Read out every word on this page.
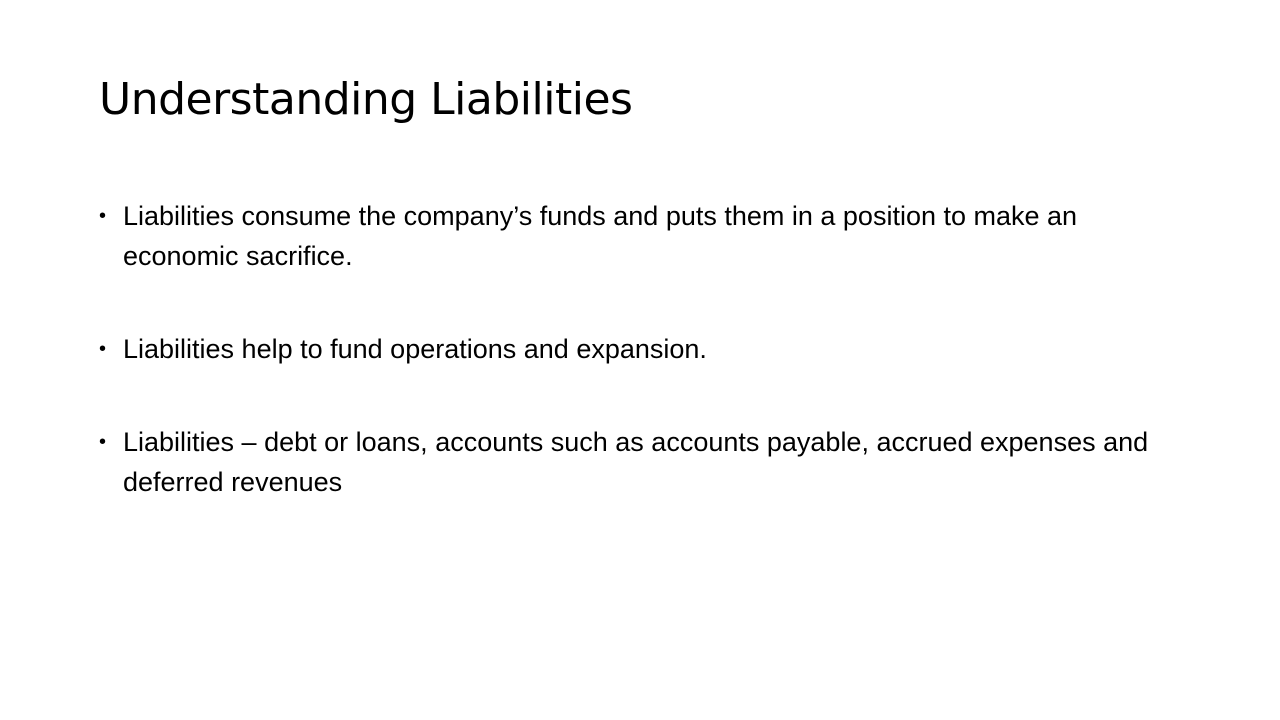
Understanding Liabilities
• Liabilities consume the company’s funds and puts them in a position to make an economic sacrifice.
• Liabilities help to fund operations and expansion.
• Liabilities – debt or loans, accounts such as accounts payable, accrued expenses and deferred revenues
